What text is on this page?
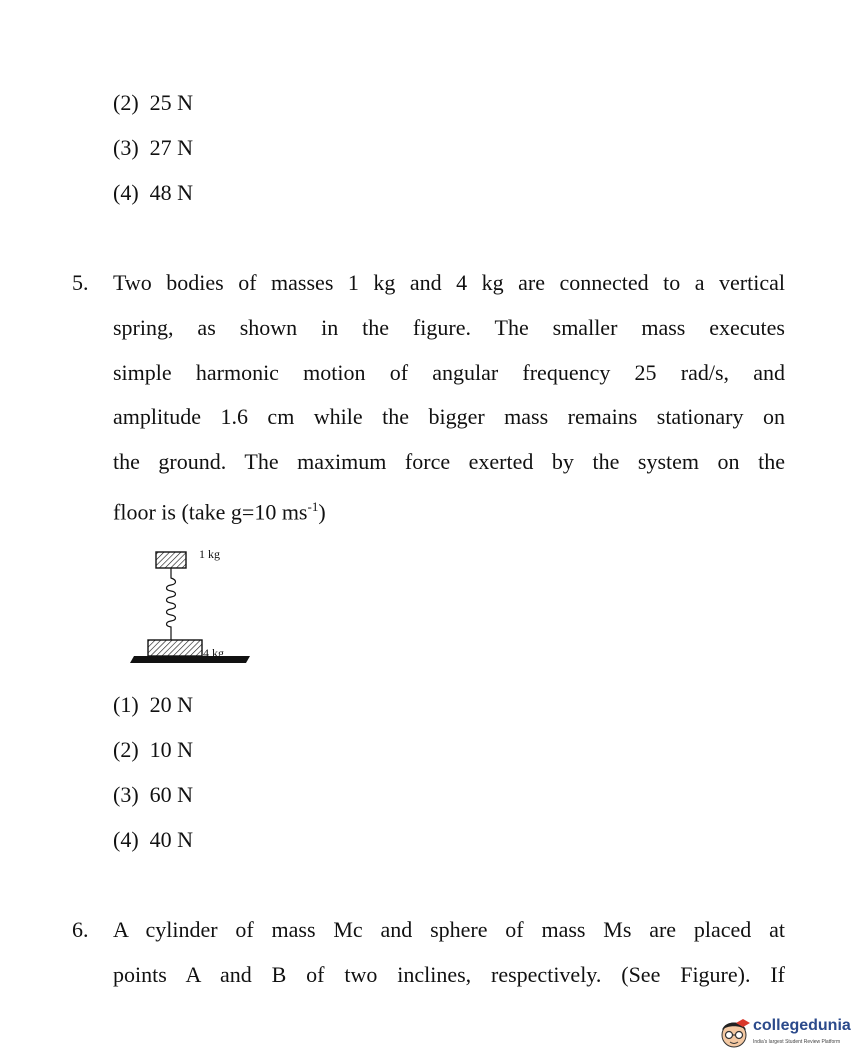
(2) 25 N
(3) 27 N
(4) 48 N
5. Two bodies of masses 1 kg and 4 kg are connected to a vertical
spring, as shown in the figure. The smaller mass executes
simple harmonic motion of angular frequency 25 rad/s, and
amplitude 1.6 cm while the bigger mass remains stationary on
the ground. The maximum force exerted by the system on the
floor is (take g=10 $ms^{-1}$)
1 kg
4 kg
(1) 20 N
(2) 10 N
(3) 60 N
(4) 40 N
6. A cylinder of mass Mc and sphere of mass Ms are placed at
points A and B of two inclines, respectively. (See Figure). If
collegedunia
India's largest Student Review Platform
